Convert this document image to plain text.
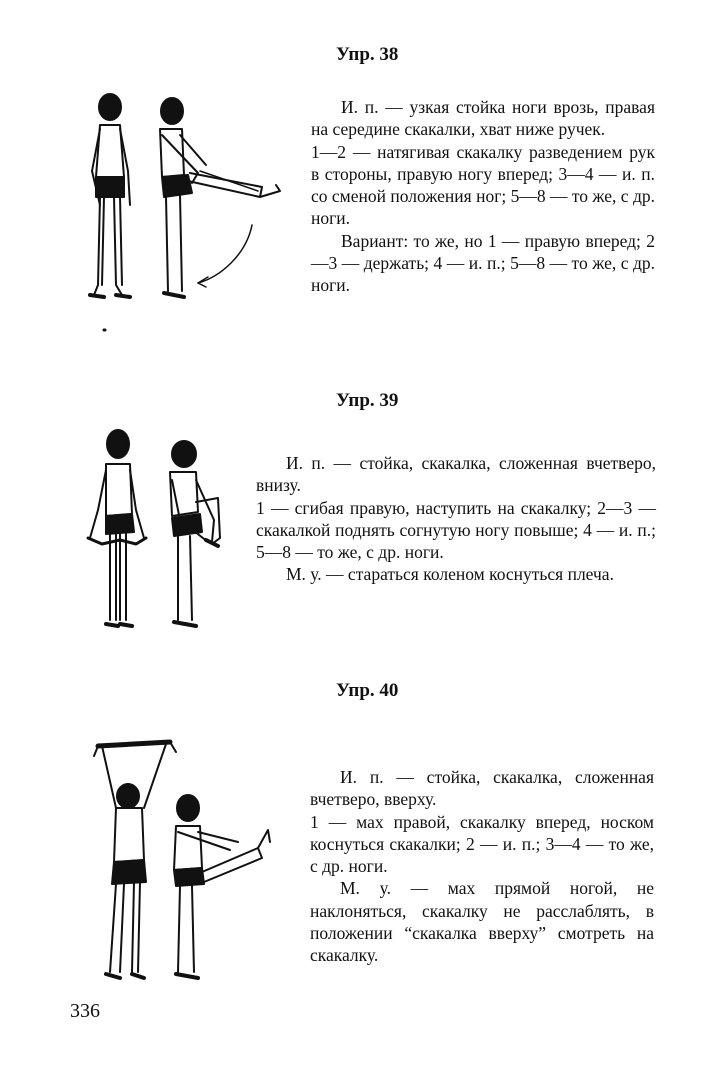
Упр. 38

И. п. — узкая стойка ноги врозь, правая на середине скакалки, хват ниже ручек.

1—2 — натягивая скакалку разведением рук в стороны, правую ногу вперед; 3—4 — и. п. со сменой положения ног; 5—8 — то же, с др. ноги.

Вариант: то же, но 1 — правую вперед; 2—3 — держать; 4 — и. п.; 5—8 — то же, с др. ноги.

Упр. 39

И. п. — стойка, скакалка, сложенная вчетверо, внизу.

1 — сгибая правую, наступить на скакалку; 2—3 — скакалкой поднять согнутую ногу повыше; 4 — и. п.; 5—8 — то же, с др. ноги.

М. у. — стараться коленом коснуться плеча.

Упр. 40

И. п. — стойка, скакалка, сложенная вчетверо, вверху.

1 — мах правой, скакалку вперед, носком коснуться скакалки; 2 — и. п.; 3—4 — то же, с др. ноги.

М. у. — мах прямой ногой, не наклоняться, скакалку не расслаблять, в положении “скакалка вверху” смотреть на скакалку.

336
